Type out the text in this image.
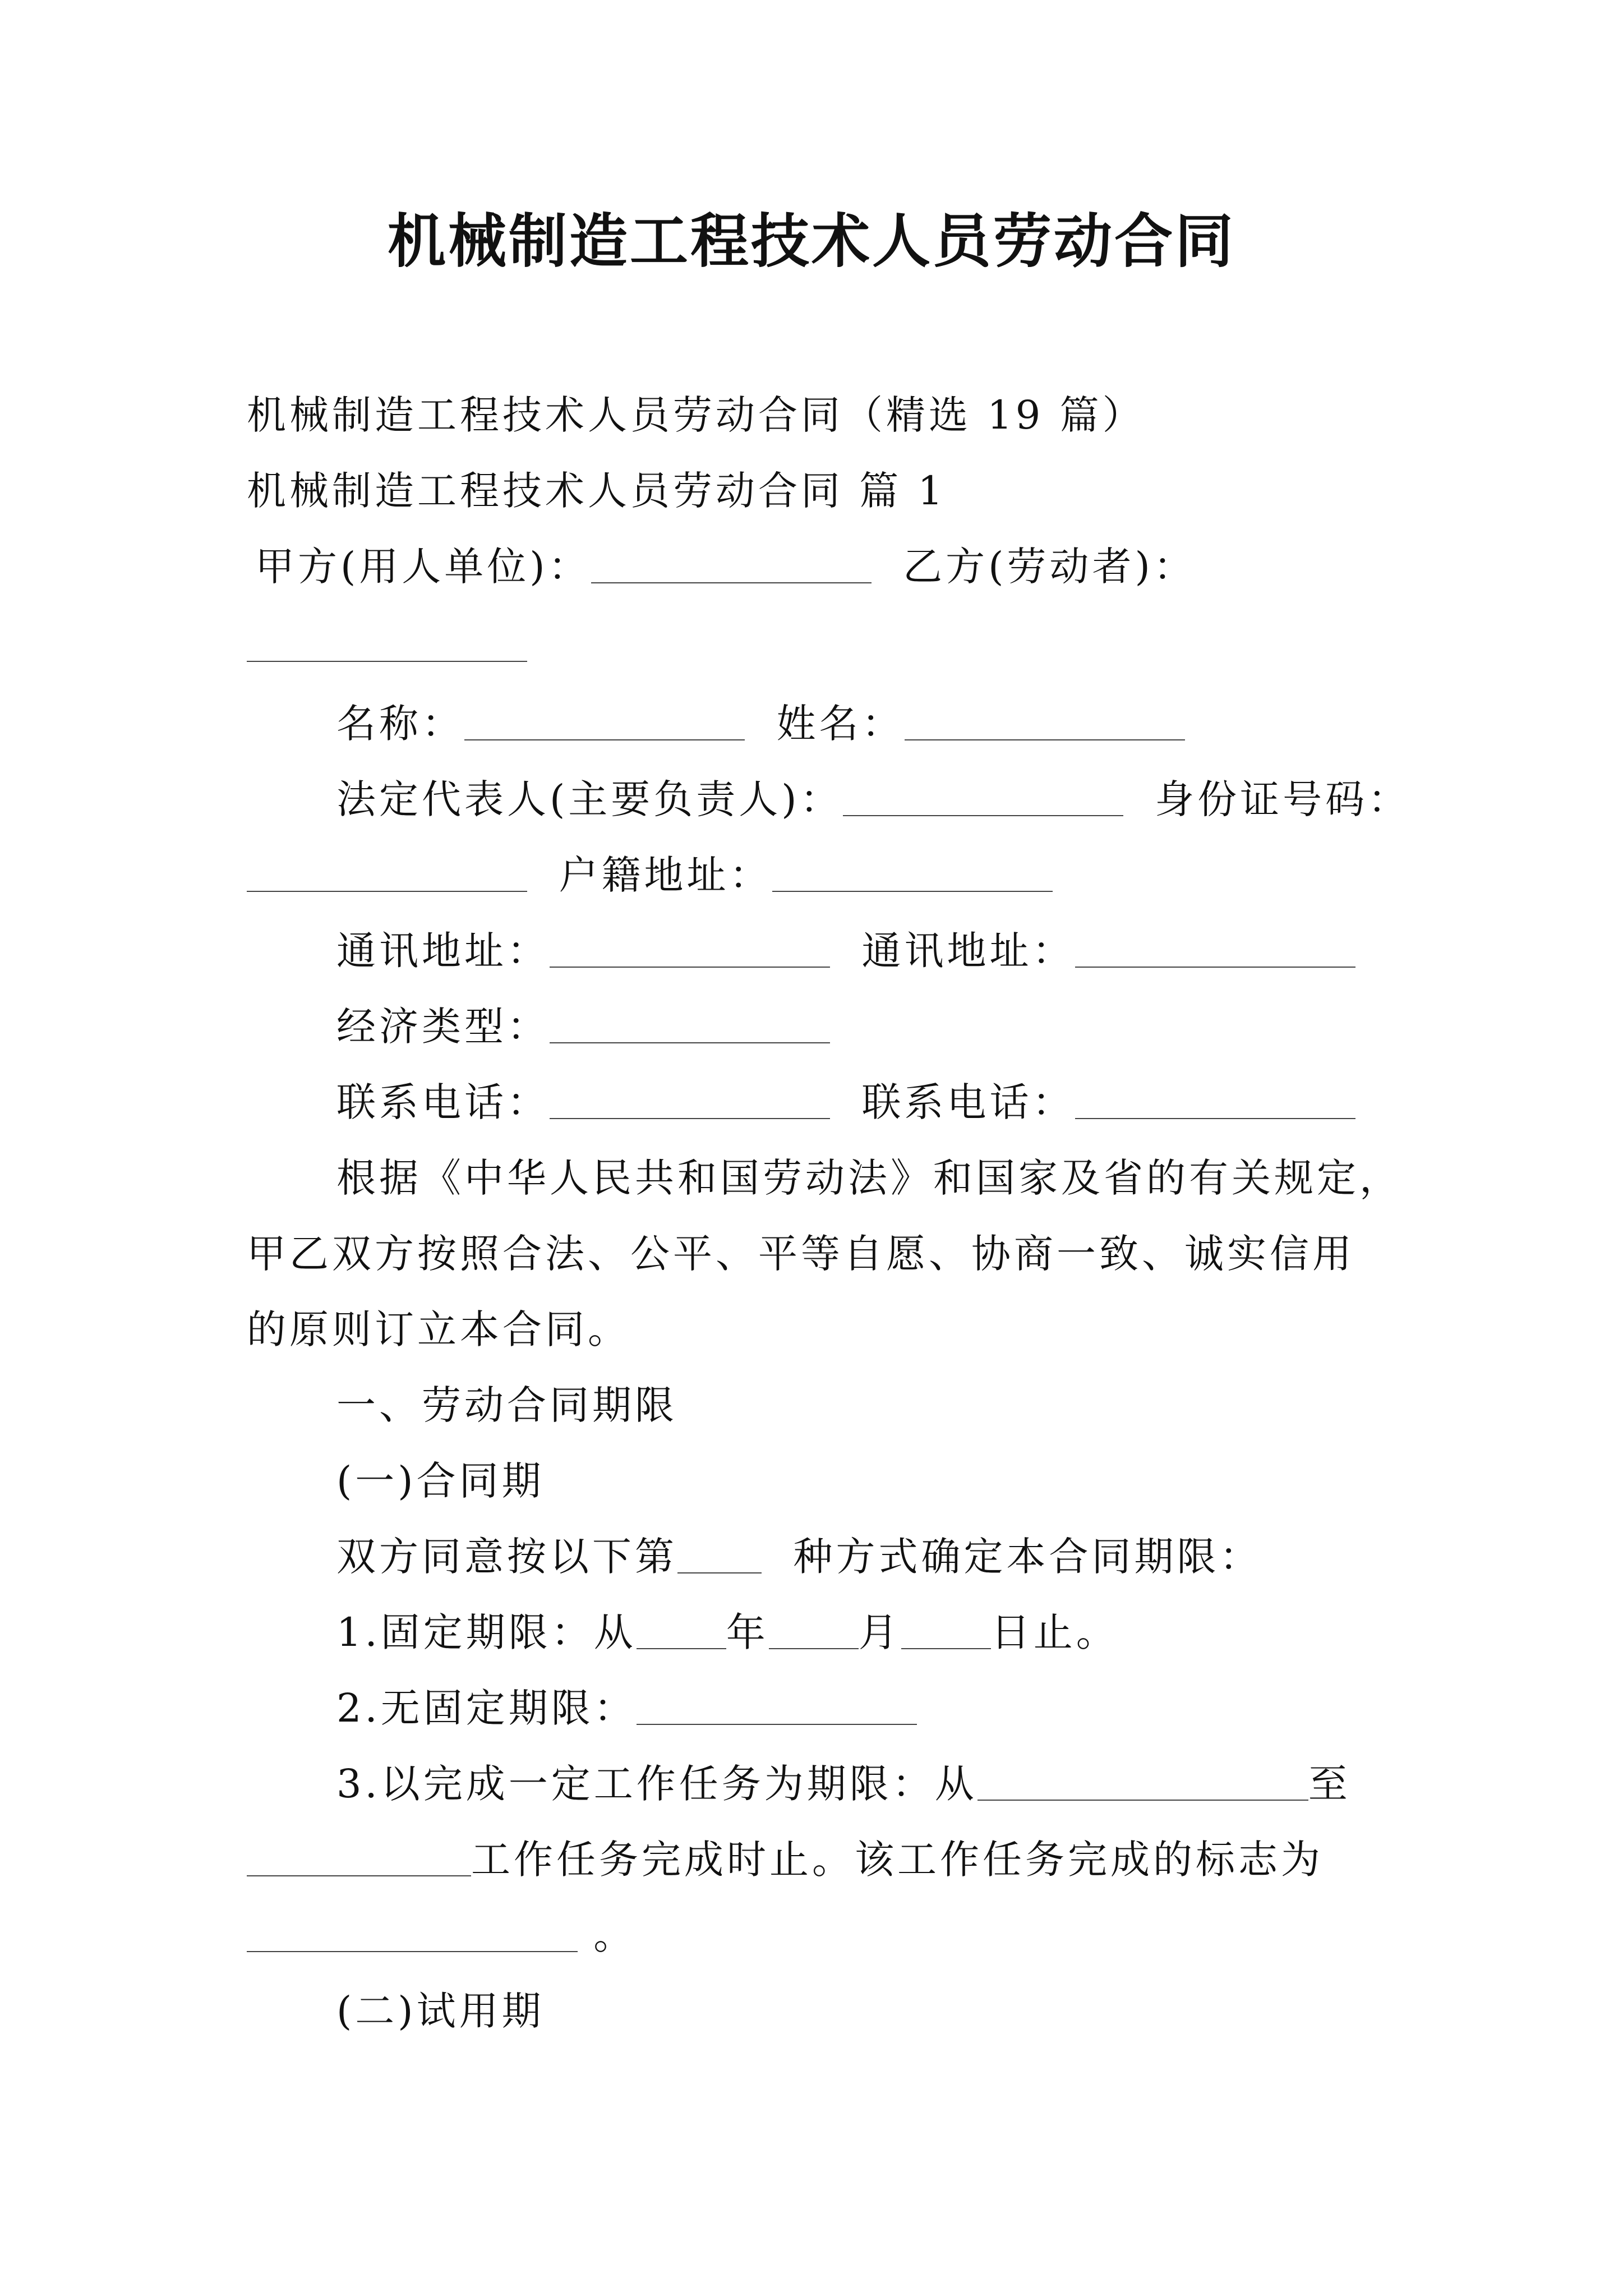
机械制造工程技术人员劳动合同
机械制造工程技术人员劳动合同（精选 19 篇）
机械制造工程技术人员劳动合同 篇 1
甲方(用人单位)：	乙方(劳动者)：
名称：	姓名：
法定代表人(主要负责人)：	身份证号码：
户籍地址：
通讯地址：	通讯地址：
经济类型：
联系电话：	联系电话：
根据《中华人民共和国劳动法》和国家及省的有关规定，
甲乙双方按照合法、公平、平等自愿、协商一致、诚实信用
的原则订立本合同。
一、劳动合同期限
(一)合同期
双方同意按以下第	种方式确定本合同期限：
1.固定期限：从 年 月 日止。
2.无固定期限：
3.以完成一定工作任务为期限：从	至
工作任务完成时止。该工作任务完成的标志为
。
(二)试用期
